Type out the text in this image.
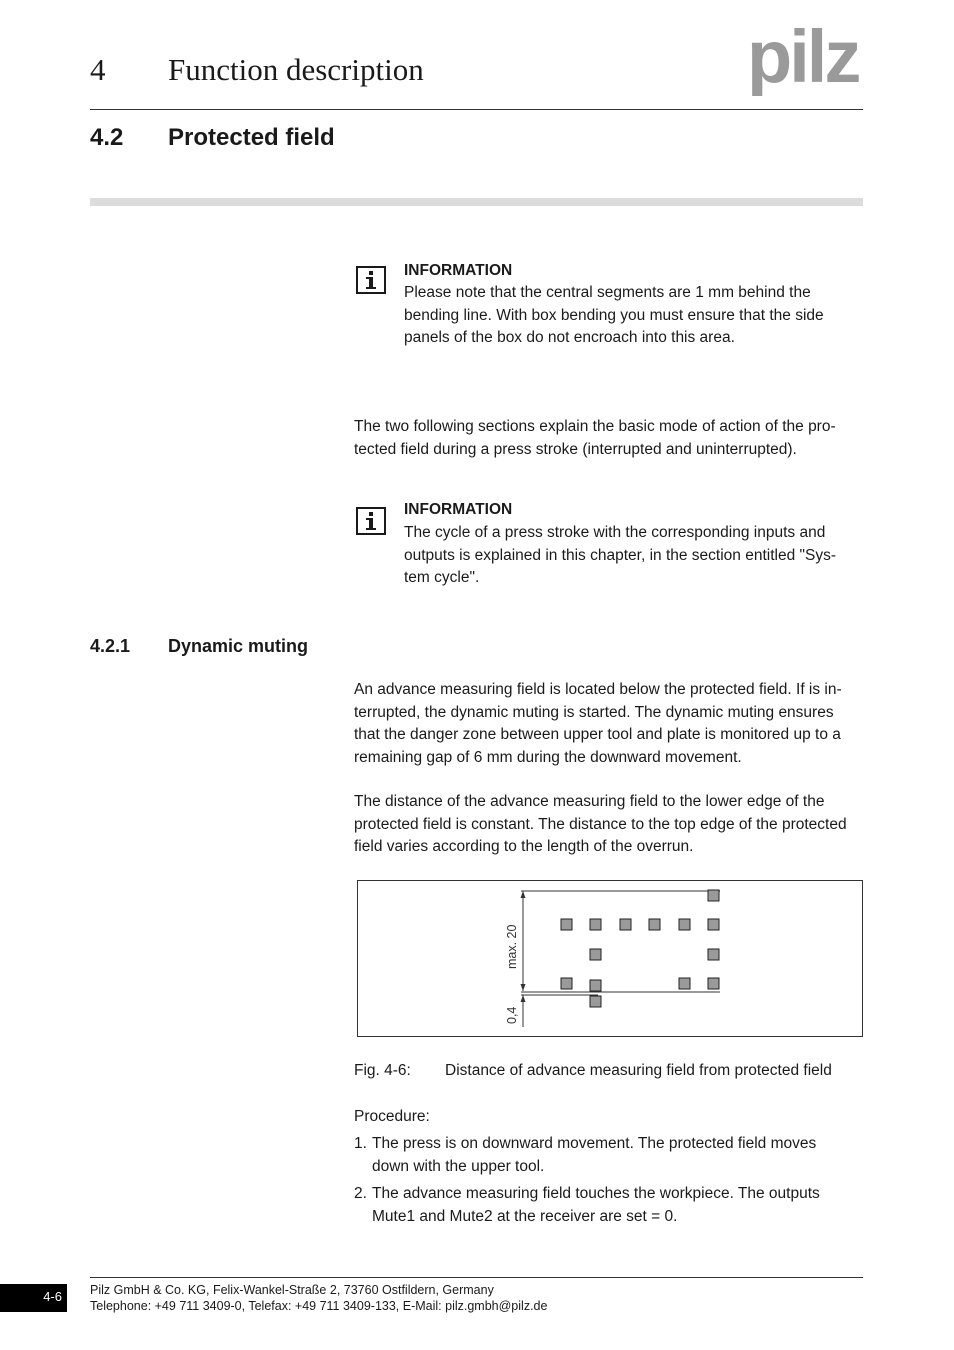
4 Function description	pilz
4.2 Protected field
INFORMATION
Please note that the central segments are 1 mm behind the
bending line. With box bending you must ensure that the side
panels of the box do not encroach into this area.
The two following sections explain the basic mode of action of the pro-
tected field during a press stroke (interrupted and uninterrupted).
INFORMATION
The cycle of a press stroke with the corresponding inputs and
outputs is explained in this chapter, in the section entitled "Sys-
tem cycle".
4.2.1 Dynamic muting
An advance measuring field is located below the protected field. If is in-
terrupted, the dynamic muting is started. The dynamic muting ensures
that the danger zone between upper tool and plate is monitored up to a
remaining gap of 6 mm during the downward movement.
The distance of the advance measuring field to the lower edge of the
protected field is constant. The distance to the top edge of the protected
field varies according to the length of the overrun.
max. 20
0,4
Fig. 4-6: Distance of advance measuring field from protected field
Procedure:
1. The press is on downward movement. The protected field moves
down with the upper tool.
2. The advance measuring field touches the workpiece. The outputs
Mute1 and Mute2 at the receiver are set = 0.
4-6 Pilz GmbH & Co. KG, Felix-Wankel-Straße 2, 73760 Ostfildern, Germany
Telephone: +49 711 3409-0, Telefax: +49 711 3409-133, E-Mail: pilz.gmbh@pilz.de
